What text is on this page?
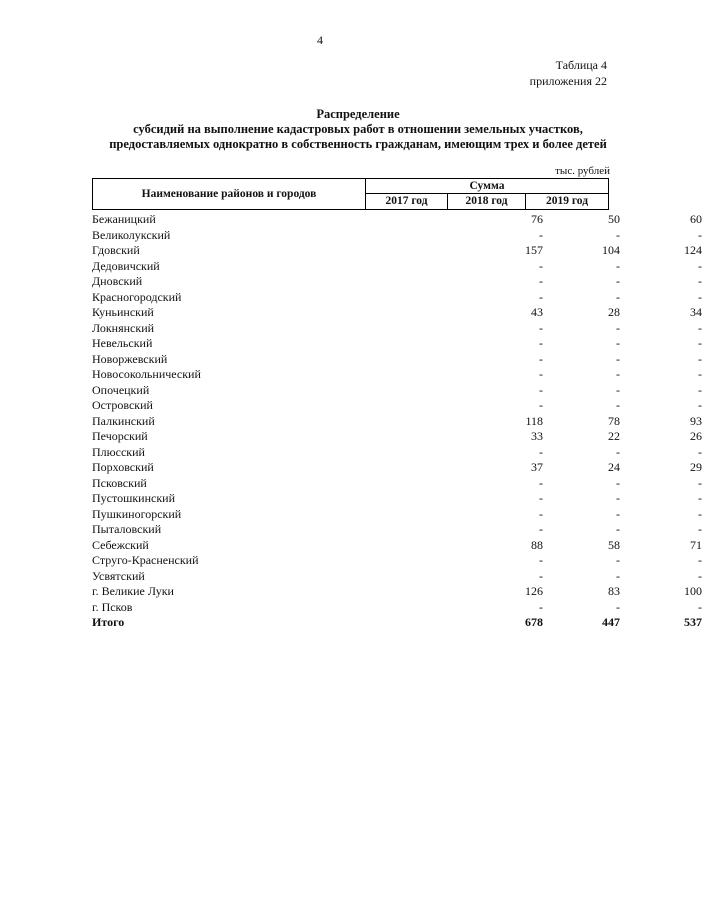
4
Таблица 4
приложения 22
Распределение
субсидий на выполнение кадастровых работ в отношении земельных участков,
предоставляемых однократно в собственность гражданам, имеющим трех и более детей
тыс. рублей
Наименование районов и городов
Сумма
2017 год	2018 год	2019 год
Бежаницкий	76	50	60
Великолукский	-	-	-
Гдовский	157	104	124
Дедовичский	-	-	-
Дновский	-	-	-
Красногородский	-	-	-
Куньинский	43	28	34
Локнянский	-	-	-
Невельский	-	-	-
Новоржевский	-	-	-
Новосокольнический	-	-	-
Опочецкий	-	-	-
Островский	-	-	-
Палкинский	118	78	93
Печорский	33	22	26
Плюсский	-	-	-
Порховский	37	24	29
Псковский	-	-	-
Пустошкинский	-	-	-
Пушкиногорский	-	-	-
Пыталовский	-	-	-
Себежский	88	58	71
Струго-Красненский	-	-	-
Усвятский	-	-	-
г. Великие Луки	126	83	100
г. Псков	-	-	-
Итого	678	447	537
